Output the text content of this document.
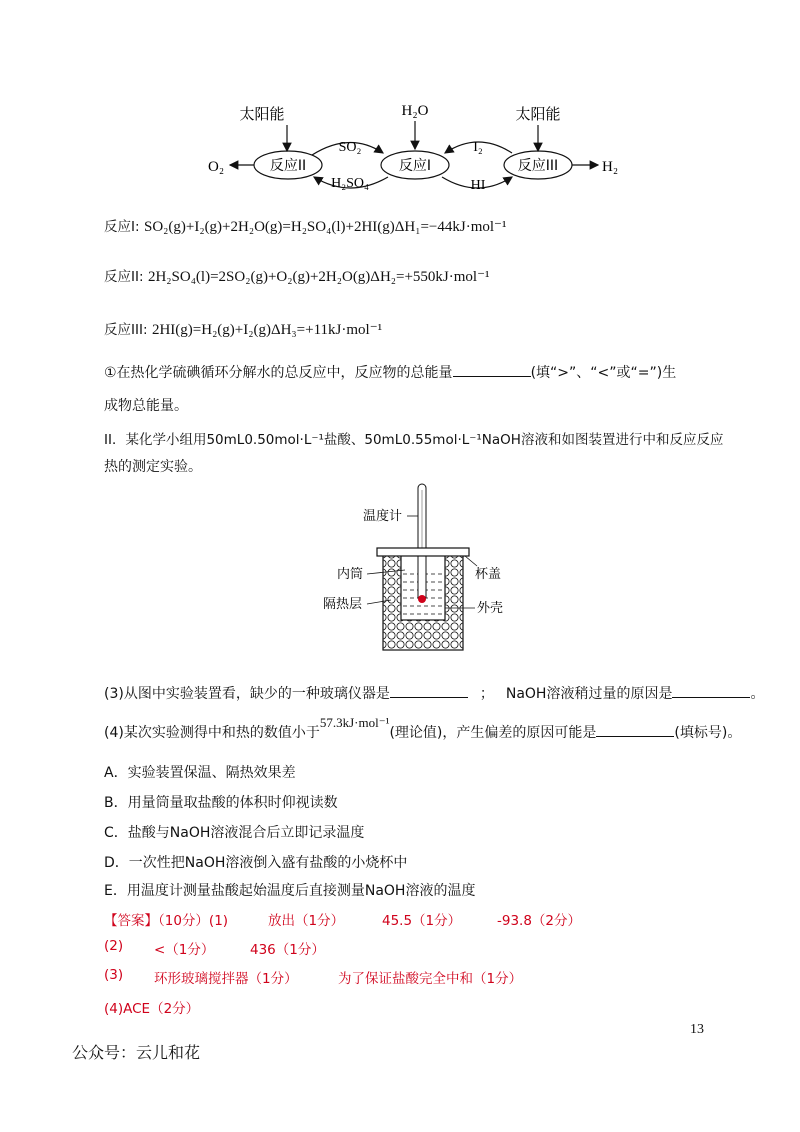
太阳能	H₂O	太阳能
反应II	反应I	反应III
O₂	H₂
SO₂
H₂SO₄
I₂
HI
反应I: SO₂(g)+I₂(g)+2H₂O(g)=H₂SO₄(l)+2HI(g)ΔH₁=−44kJ·mol⁻¹
反应II: 2H₂SO₄(l)=2SO₂(g)+O₂(g)+2H₂O(g)ΔH₂=+550kJ·mol⁻¹
反应III: 2HI(g)=H₂(g)+I₂(g)ΔH₃=+11kJ·mol⁻¹
①在热化学硫碘循环分解水的总反应中，反应物的总能量	(填“>”、“<”或“=”)生
成物总能量。
II．某化学小组用50mL0.50mol·L⁻¹盐酸、50mL0.55mol·L⁻¹NaOH溶液和如图装置进行中和反应反应
热的测定实验。
温度计
内筒
隔热层
杯盖
外壳
(3)从图中实验装置看，缺少的一种玻璃仪器是	； NaOH溶液稍过量的原因是	。
(4)某次实验测得中和热的数值小于57.3kJ·mol⁻¹(理论值)，产生偏差的原因可能是	(填标号)。
A．实验装置保温、隔热效果差
B．用量筒量取盐酸的体积时仰视读数
C．盐酸与NaOH溶液混合后立即记录温度
D．一次性把NaOH溶液倒入盛有盐酸的小烧杯中
E．用温度计测量盐酸起始温度后直接测量NaOH溶液的温度
【答案】（10分）(1)	放出（1分）	45.5（1分）	-93.8（2分）
(2) <（1分）	436（1分）
(3) 环形玻璃搅拌器（1分）	为了保证盐酸完全中和（1分）
(4)ACE（2分）
13
公众号：云儿和花
